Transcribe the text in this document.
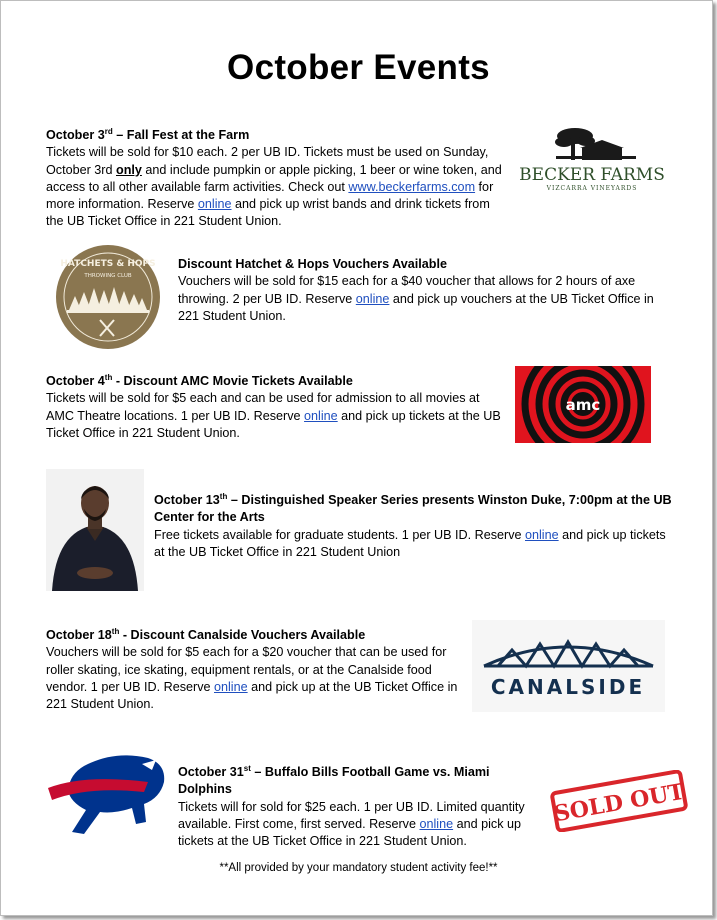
October Events
October 3rd – Fall Fest at the Farm
Tickets will be sold for $10 each. 2 per UB ID. Tickets must be used on Sunday, October 3rd only and include pumpkin or apple picking, 1 beer or wine token, and access to all other available farm activities. Check out www.beckerfarms.com for more information. Reserve online and pick up wrist bands and drink tickets from the UB Ticket Office in 221 Student Union.
BECKER FARMS
VIZCARRA VINEYARDS
HATCHETS & HOPS
THROWING CLUB
Discount Hatchet & Hops Vouchers Available
Vouchers will be sold for $15 each for a $40 voucher that allows for 2 hours of axe throwing. 2 per UB ID. Reserve online and pick up vouchers at the UB Ticket Office in 221 Student Union.
October 4th - Discount AMC Movie Tickets Available
Tickets will be sold for $5 each and can be used for admission to all movies at AMC Theatre locations. 1 per UB ID. Reserve online and pick up tickets at the UB Ticket Office in 221 Student Union.
amc
October 13th – Distinguished Speaker Series presents Winston Duke, 7:00pm at the UB Center for the Arts
Free tickets available for graduate students. 1 per UB ID. Reserve online and pick up tickets at the UB Ticket Office in 221 Student Union
October 18th - Discount Canalside Vouchers Available
Vouchers will be sold for $5 each for a $20 voucher that can be used for roller skating, ice skating, equipment rentals, or at the Canalside food vendor. 1 per UB ID. Reserve online and pick up at the UB Ticket Office in 221 Student Union.
CANALSIDE
October 31st – Buffalo Bills Football Game vs. Miami Dolphins
Tickets will for sold for $25 each. 1 per UB ID. Limited quantity available. First come, first served. Reserve online and pick up tickets at the UB Ticket Office in 221 Student Union.
SOLD OUT
**All provided by your mandatory student activity fee!**
